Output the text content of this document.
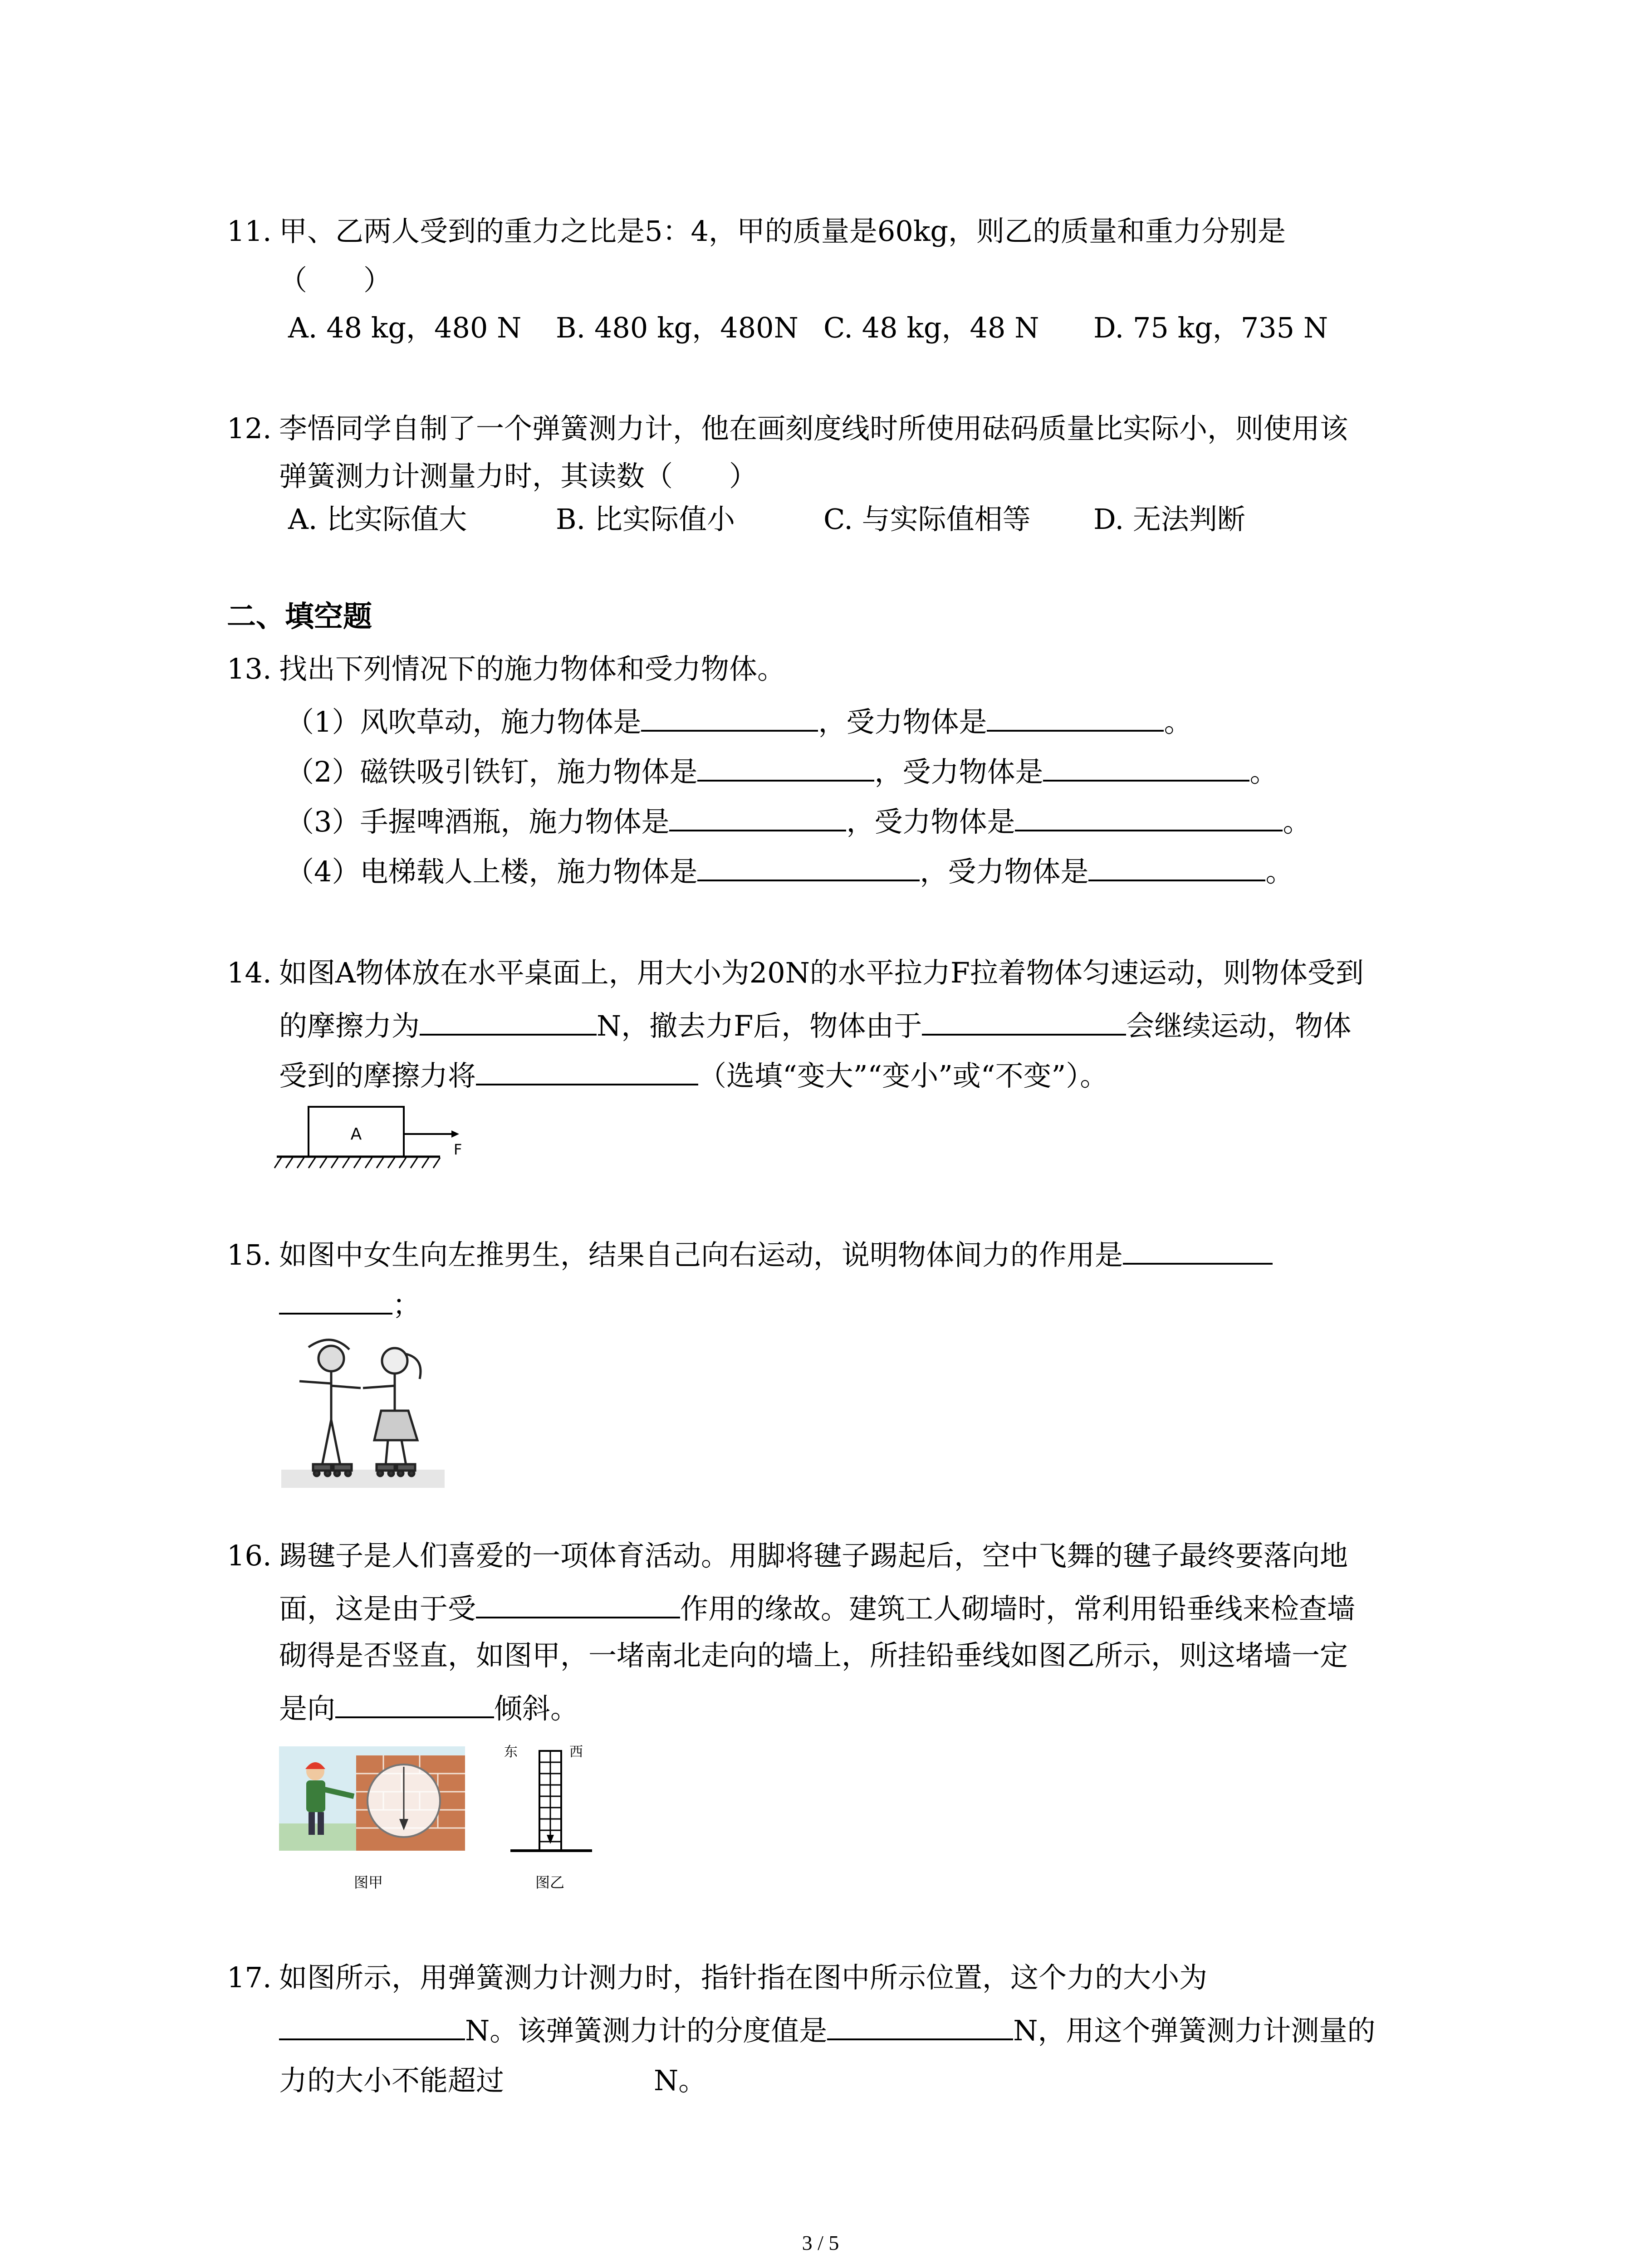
11. 甲、乙两人受到的重力之比是5：4，甲的质量是60kg，则乙的质量和重力分别是
（　　）
A. 48 kg，480 N B. 480 kg，480N C. 48 kg，48 N D. 75 kg，735 N
12. 李悟同学自制了一个弹簧测力计，他在画刻度线时所使用砝码质量比实际小，则使用该
弹簧测力计测量力时，其读数（　　）
A. 比实际值大	B. 比实际值小	C. 与实际值相等 D. 无法判断
二、填空题
13. 找出下列情况下的施力物体和受力物体。
（1）风吹草动，施力物体是	，受力物体是	。
（2）磁铁吸引铁钉，施力物体是	，受力物体是	。
（3）手握啤酒瓶，施力物体是	，受力物体是	。
（4）电梯载人上楼，施力物体是	，受力物体是	。
14. 如图A物体放在水平桌面上，用大小为20N的水平拉力F拉着物体匀速运动，则物体受到
的摩擦力为	N，撤去力F后，物体由于	会继续运动，物体
受到的摩擦力将	（选填“变大”“变小”或“不变”）。
A
F
15. 如图中女生向左推男生，结果自己向右运动，说明物体间力的作用是
；
16. 踢毽子是人们喜爱的一项体育活动。用脚将毽子踢起后，空中飞舞的毽子最终要落向地
面，这是由于受	作用的缘故。建筑工人砌墙时，常利用铅垂线来检查墙
砌得是否竖直，如图甲，一堵南北走向的墙上，所挂铅垂线如图乙所示，则这堵墙一定
是向	倾斜。
图甲
东	西
图乙
17. 如图所示，用弹簧测力计测力时，指针指在图中所示位置，这个力的大小为
N。该弹簧测力计的分度值是	N，用这个弹簧测力计测量的
力的大小不能超过	N。
3 / 5
